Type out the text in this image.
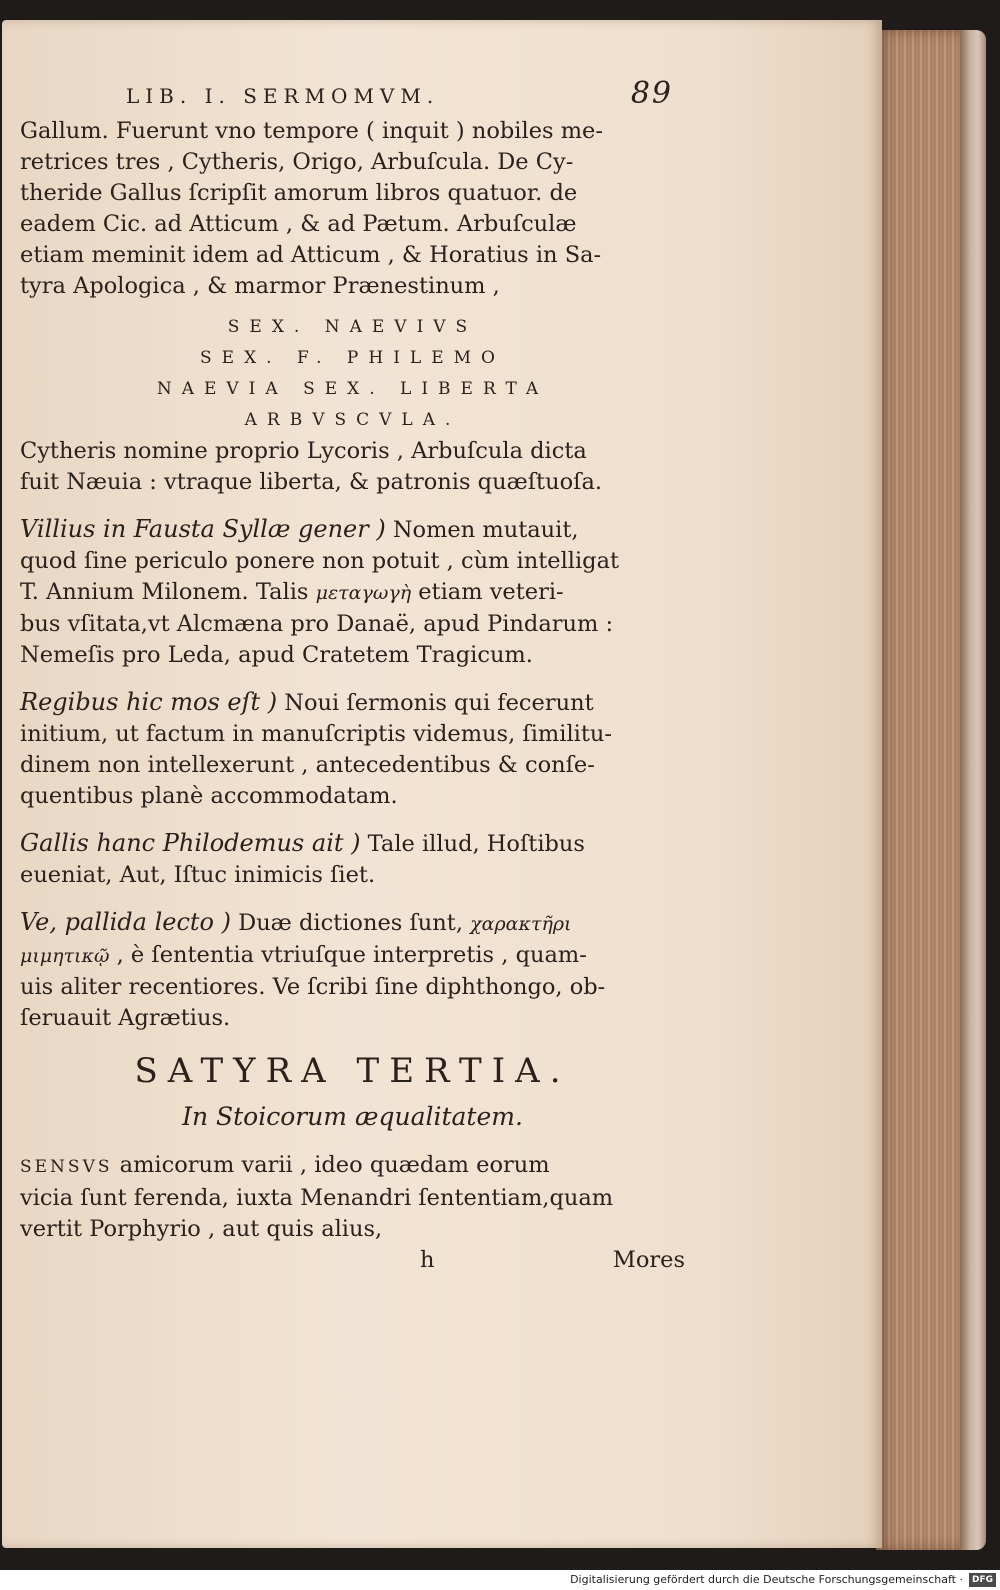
LIB. I. SERMOMVM.	89

Gallum. Fuerunt vno tempore ( inquit ) nobiles me-

retrices tres , Cytheris, Origo, Arbuſcula. De Cy-

theride Gallus ſcripſit amorum libros quatuor. de

eadem Cic. ad Atticum , & ad Pætum. Arbuſculæ

etiam meminit idem ad Atticum , & Horatius in Sa-

tyra Apologica , & marmor Prænestinum ,

SEX. NAEVIVS
SEX. F. PHILEMO
NAEVIA SEX. LIBERTA
ARBVSCVLA.

Cytheris nomine proprio Lycoris , Arbuſcula dicta

fuit Næuia : vtraque liberta, & patronis quæſtuoſa.

Villius in Fausta Syllæ gener ) Nomen mutauit,

quod ſine periculo ponere non potuit , cùm intelligat

T. Annium Milonem. Talis μεταγωγὴ etiam veteri-

bus vſitata,vt Alcmæna pro Danaë, apud Pindarum :

Nemeſis pro Leda, apud Cratetem Tragicum.

Regibus hic mos eſt ) Noui ſermonis qui fecerunt

initium, ut factum in manuſcriptis videmus, ſimilitu-

dinem non intellexerunt , antecedentibus & conſe-

quentibus planè accommodatam.

Gallis hanc Philodemus ait ) Tale illud, Hoſtibus

eueniat, Aut, Iſtuc inimicis ſiet.

Ve, pallida lecto ) Duæ dictiones ſunt, χαρακτῆρι

μιμητικῷ , è ſententia vtriuſque interpretis , quam-

uis aliter recentiores. Ve ſcribi ſine diphthongo, ob-

ſeruauit Agrætius.

SATYRA TERTIA.
In Stoicorum æqualitatem.

SENSVS amicorum varii , ideo quædam eorum

vicia ſunt ferenda, iuxta Menandri ſententiam,quam

vertit Porphyrio , aut quis alius,

h	Mores
Digitalisierung gefördert durch die Deutsche Forschungsgemeinschaft · DFG
